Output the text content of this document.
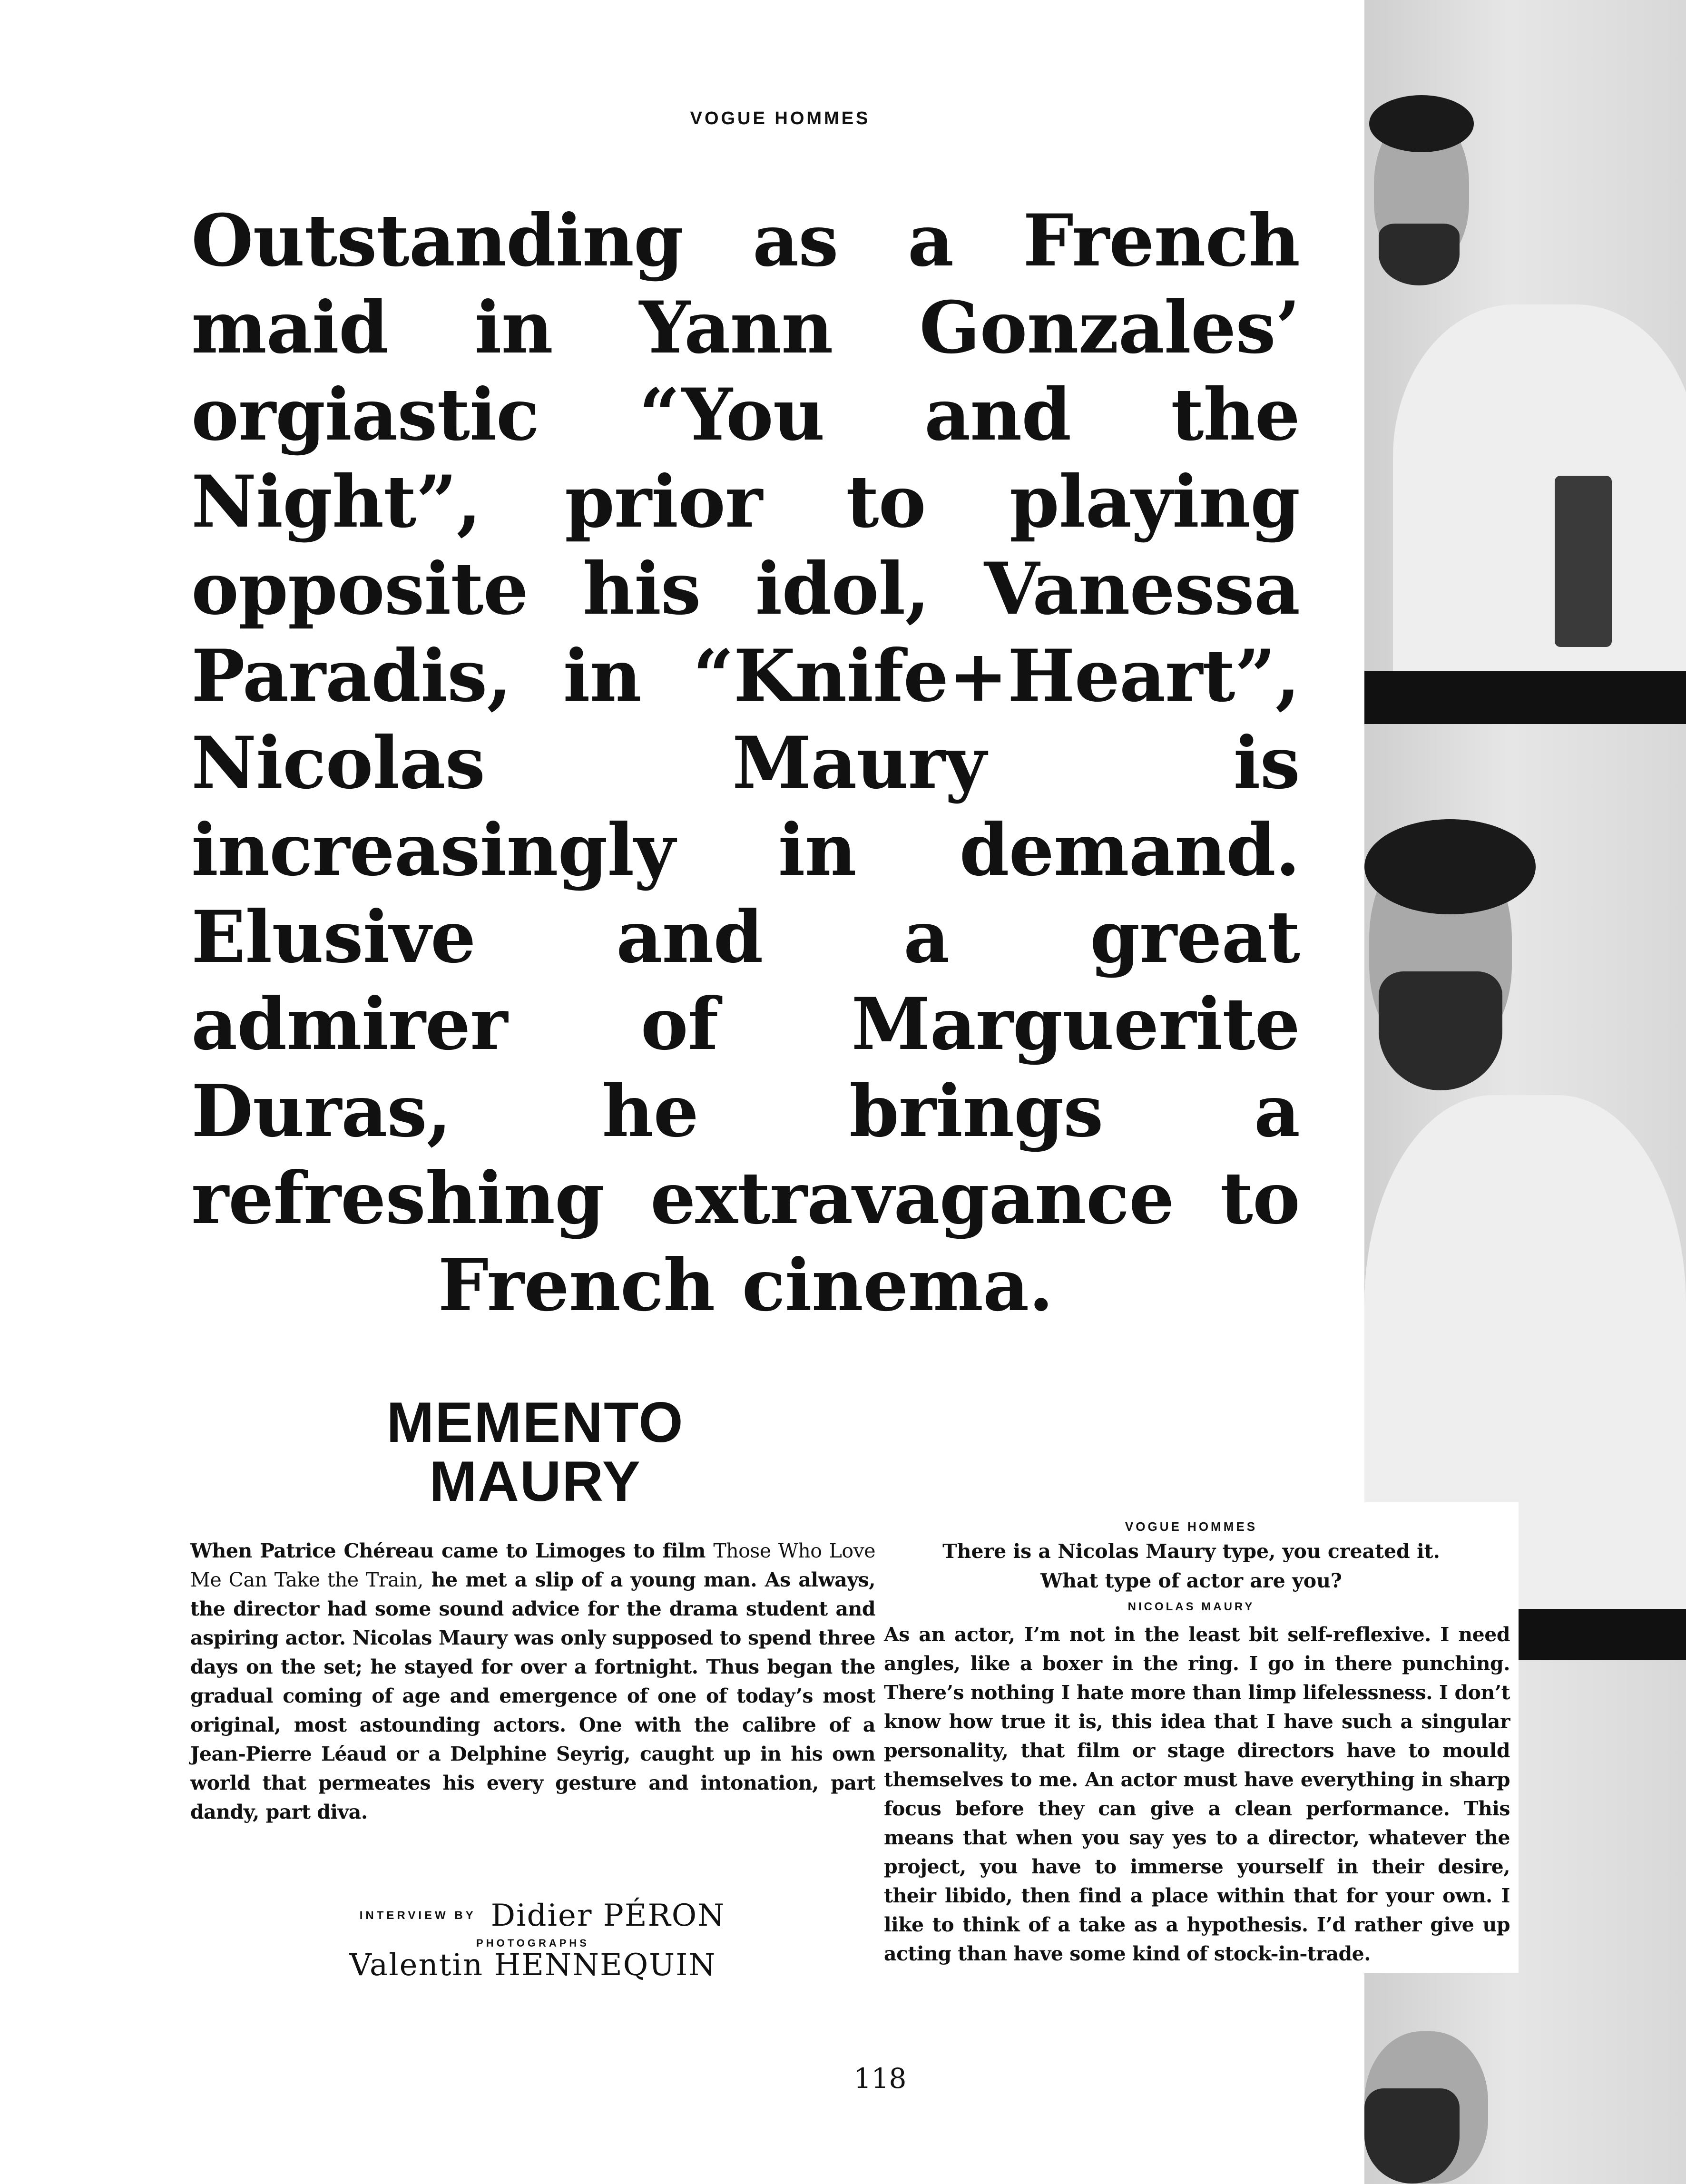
VOGUE HOMMES
Outstanding as a French maid in Yann Gonzales’ orgiastic “You and the Night”, prior to playing opposite his idol, Vanessa Paradis, in “Knife+Heart”, Nicolas Maury is increasingly in demand. Elusive and a great admirer of Marguerite Duras, he brings a refreshing extravagance to French cinema.
MEMENTO
MAURY
When Patrice Chéreau came to Limoges to film Those Who Love Me Can Take the Train, he met a slip of a young man. As always, the director had some sound advice for the drama student and aspiring actor. Nicolas Maury was only supposed to spend three days on the set; he stayed for over a fortnight. Thus began the gradual coming of age and emergence of one of today’s most original, most astounding actors. One with the calibre of a Jean-Pierre Léaud or a Delphine Seyrig, caught up in his own world that permeates his every gesture and intonation, part dandy, part diva.
INTERVIEW BY Didier PÉRON
PHOTOGRAPHS
Valentin HENNEQUIN
VOGUE HOMMES
There is a Nicolas Maury type, you created it.
What type of actor are you?
NICOLAS MAURY
As an actor, I’m not in the least bit self-reflexive. I need angles, like a boxer in the ring. I go in there punching. There’s nothing I hate more than limp lifelessness. I don’t know how true it is, this idea that I have such a singular personality, that film or stage directors have to mould themselves to me. An actor must have everything in sharp focus before they can give a clean performance. This means that when you say yes to a director, whatever the project, you have to immerse yourself in their desire, their libido, then find a place within that for your own. I like to think of a take as a hypothesis. I’d rather give up acting than have some kind of stock-in-trade.
118
